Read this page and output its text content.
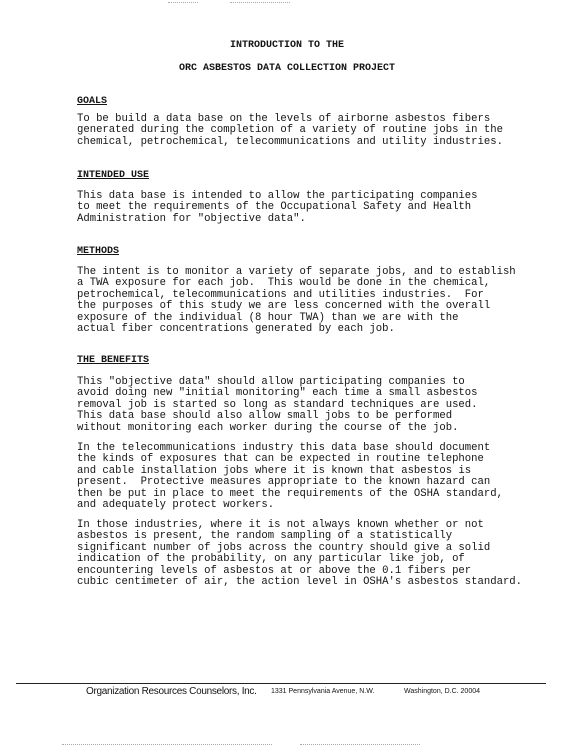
INTRODUCTION TO THE
ORC ASBESTOS DATA COLLECTION PROJECT
GOALS
To be build a data base on the levels of airborne asbestos fibers
generated during the completion of a variety of routine jobs in the
chemical, petrochemical, telecommunications and utility industries.
INTENDED USE
This data base is intended to allow the participating companies
to meet the requirements of the Occupational Safety and Health
Administration for "objective data".
METHODS
The intent is to monitor a variety of separate jobs, and to establish
a TWA exposure for each job.  This would be done in the chemical,
petrochemical, telecommunications and utilities industries.  For
the purposes of this study we are less concerned with the overall
exposure of the individual (8 hour TWA) than we are with the
actual fiber concentrations generated by each job.
THE BENEFITS
This "objective data" should allow participating companies to
avoid doing new "initial monitoring" each time a small asbestos
removal job is started so long as standard techniques are used.
This data base should also allow small jobs to be performed
without monitoring each worker during the course of the job.
In the telecommunications industry this data base should document
the kinds of exposures that can be expected in routine telephone
and cable installation jobs where it is known that asbestos is
present.  Protective measures appropriate to the known hazard can
then be put in place to meet the requirements of the OSHA standard,
and adequately protect workers.
In those industries, where it is not always known whether or not
asbestos is present, the random sampling of a statistically
significant number of jobs across the country should give a solid
indication of the probability, on any particular like job, of
encountering levels of asbestos at or above the 0.1 fibers per
cubic centimeter of air, the action level in OSHA's asbestos standard.
Organization Resources Counselors, Inc. 1331 Pennsylvania Avenue, N.W.	Washington, D.C. 20004
